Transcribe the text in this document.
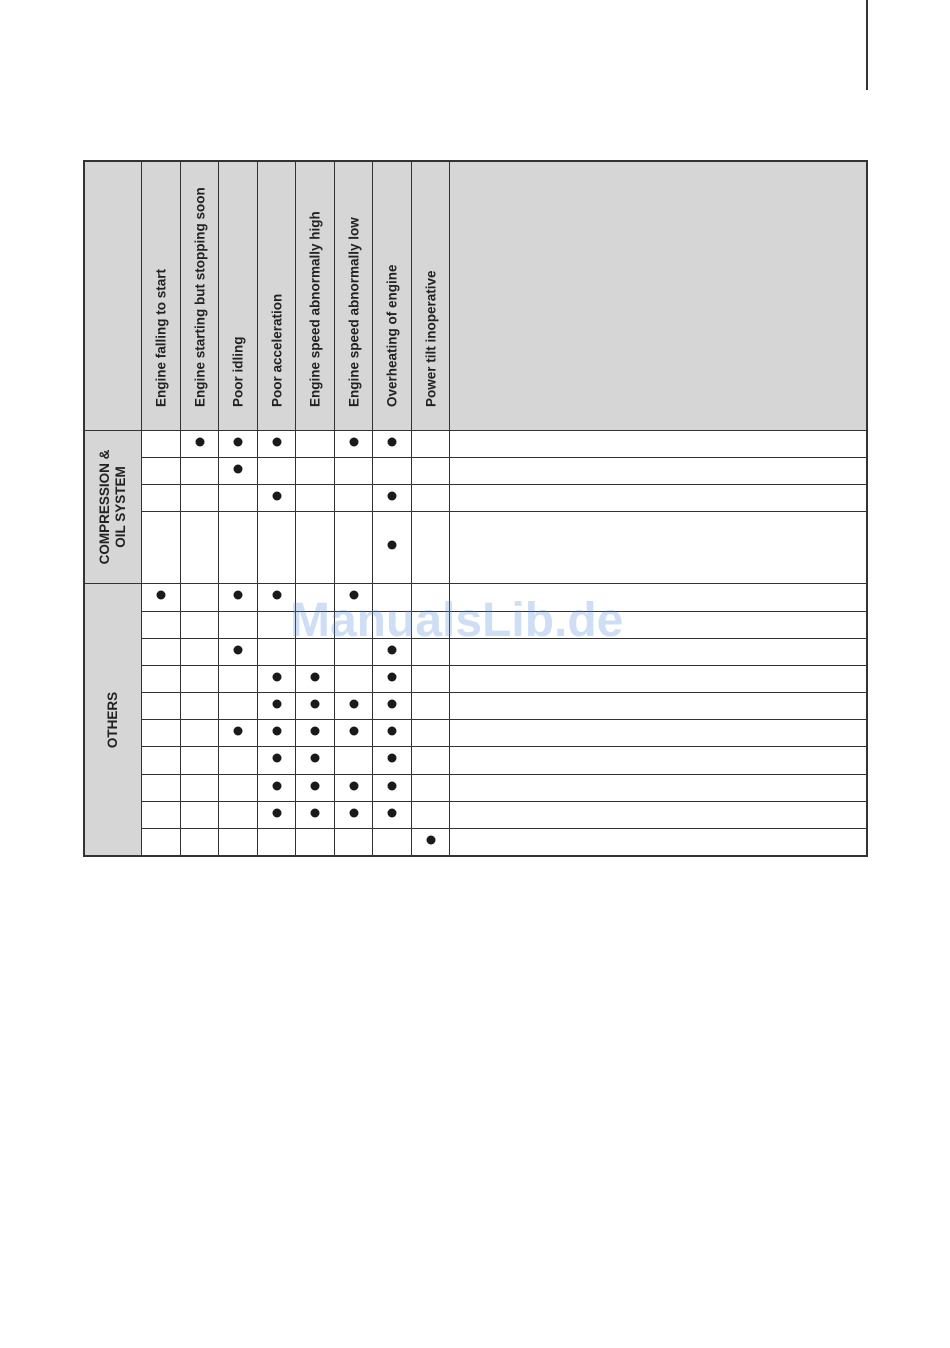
Engine falling to start Engine starting but stopping soon Poor idling Poor acceleration Engine speed abnormally high Engine speed abnormally low Overheating of engine Power tilt inoperative
COMPRESSION &
OIL SYSTEM
OTHERS
ManualsLib.de
